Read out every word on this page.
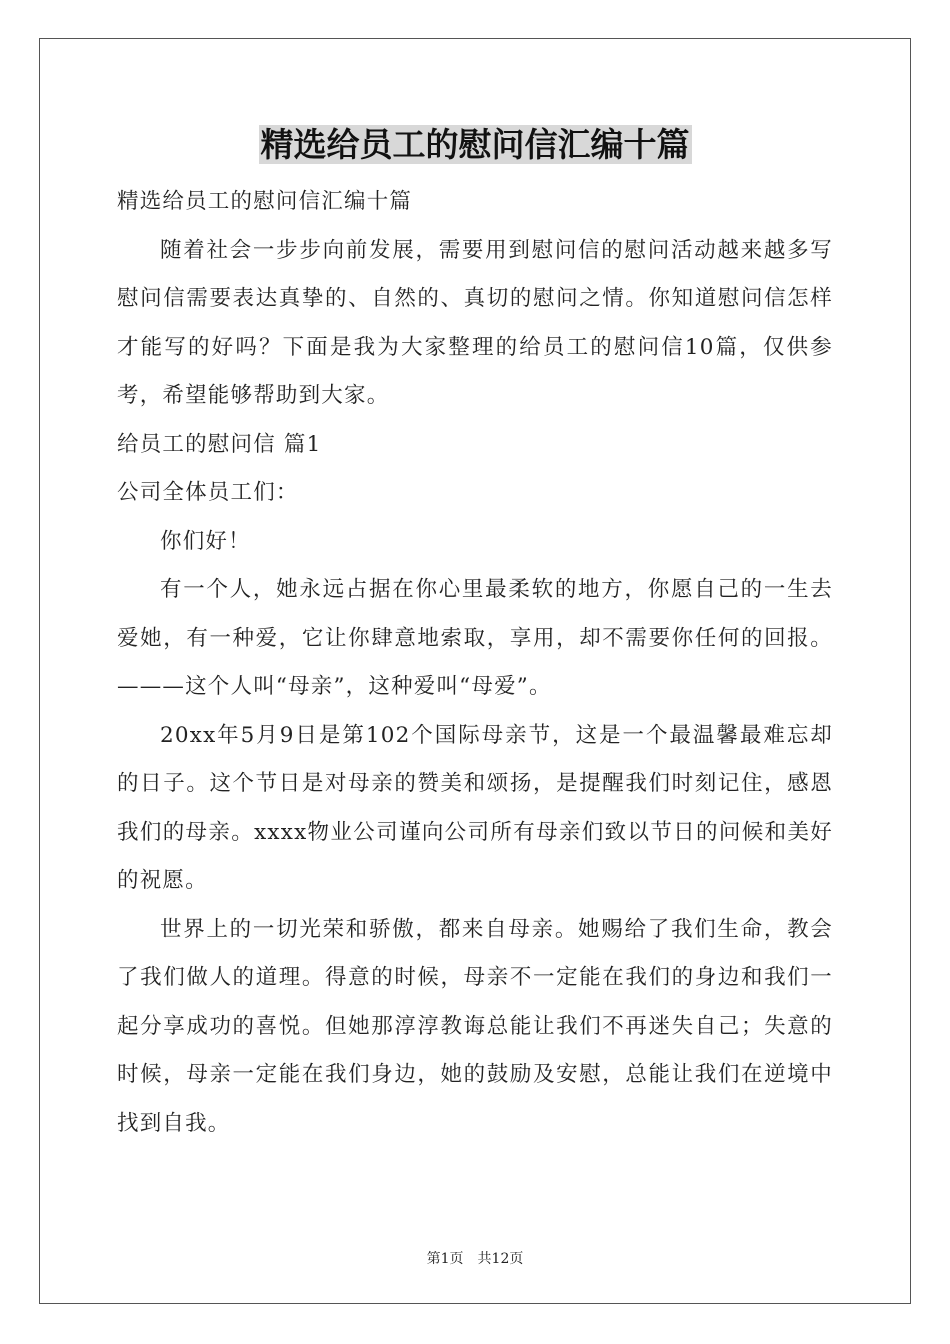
精选给员工的慰问信汇编十篇

精选给员工的慰问信汇编十篇

随着社会一步步向前发展，需要用到慰问信的慰问活动越来越多写慰问信需要表达真挚的、自然的、真切的慰问之情。你知道慰问信怎样才能写的好吗？下面是我为大家整理的给员工的慰问信10篇，仅供参考，希望能够帮助到大家。

给员工的慰问信 篇1

公司全体员工们：

你们好！

有一个人，她永远占据在你心里最柔软的地方，你愿自己的一生去爱她，有一种爱，它让你肆意地索取，享用，却不需要你任何的回报。———这个人叫“母亲”，这种爱叫“母爱”。

20xx年5月9日是第102个国际母亲节，这是一个最温馨最难忘却的日子。这个节日是对母亲的赞美和颂扬，是提醒我们时刻记住，感恩我们的母亲。xxxx物业公司谨向公司所有母亲们致以节日的问候和美好的祝愿。

世界上的一切光荣和骄傲，都来自母亲。她赐给了我们生命，教会了我们做人的道理。得意的时候，母亲不一定能在我们的身边和我们一起分享成功的喜悦。但她那淳淳教诲总能让我们不再迷失自己；失意的时候，母亲一定能在我们身边，她的鼓励及安慰，总能让我们在逆境中找到自我。

第1页　共12页
